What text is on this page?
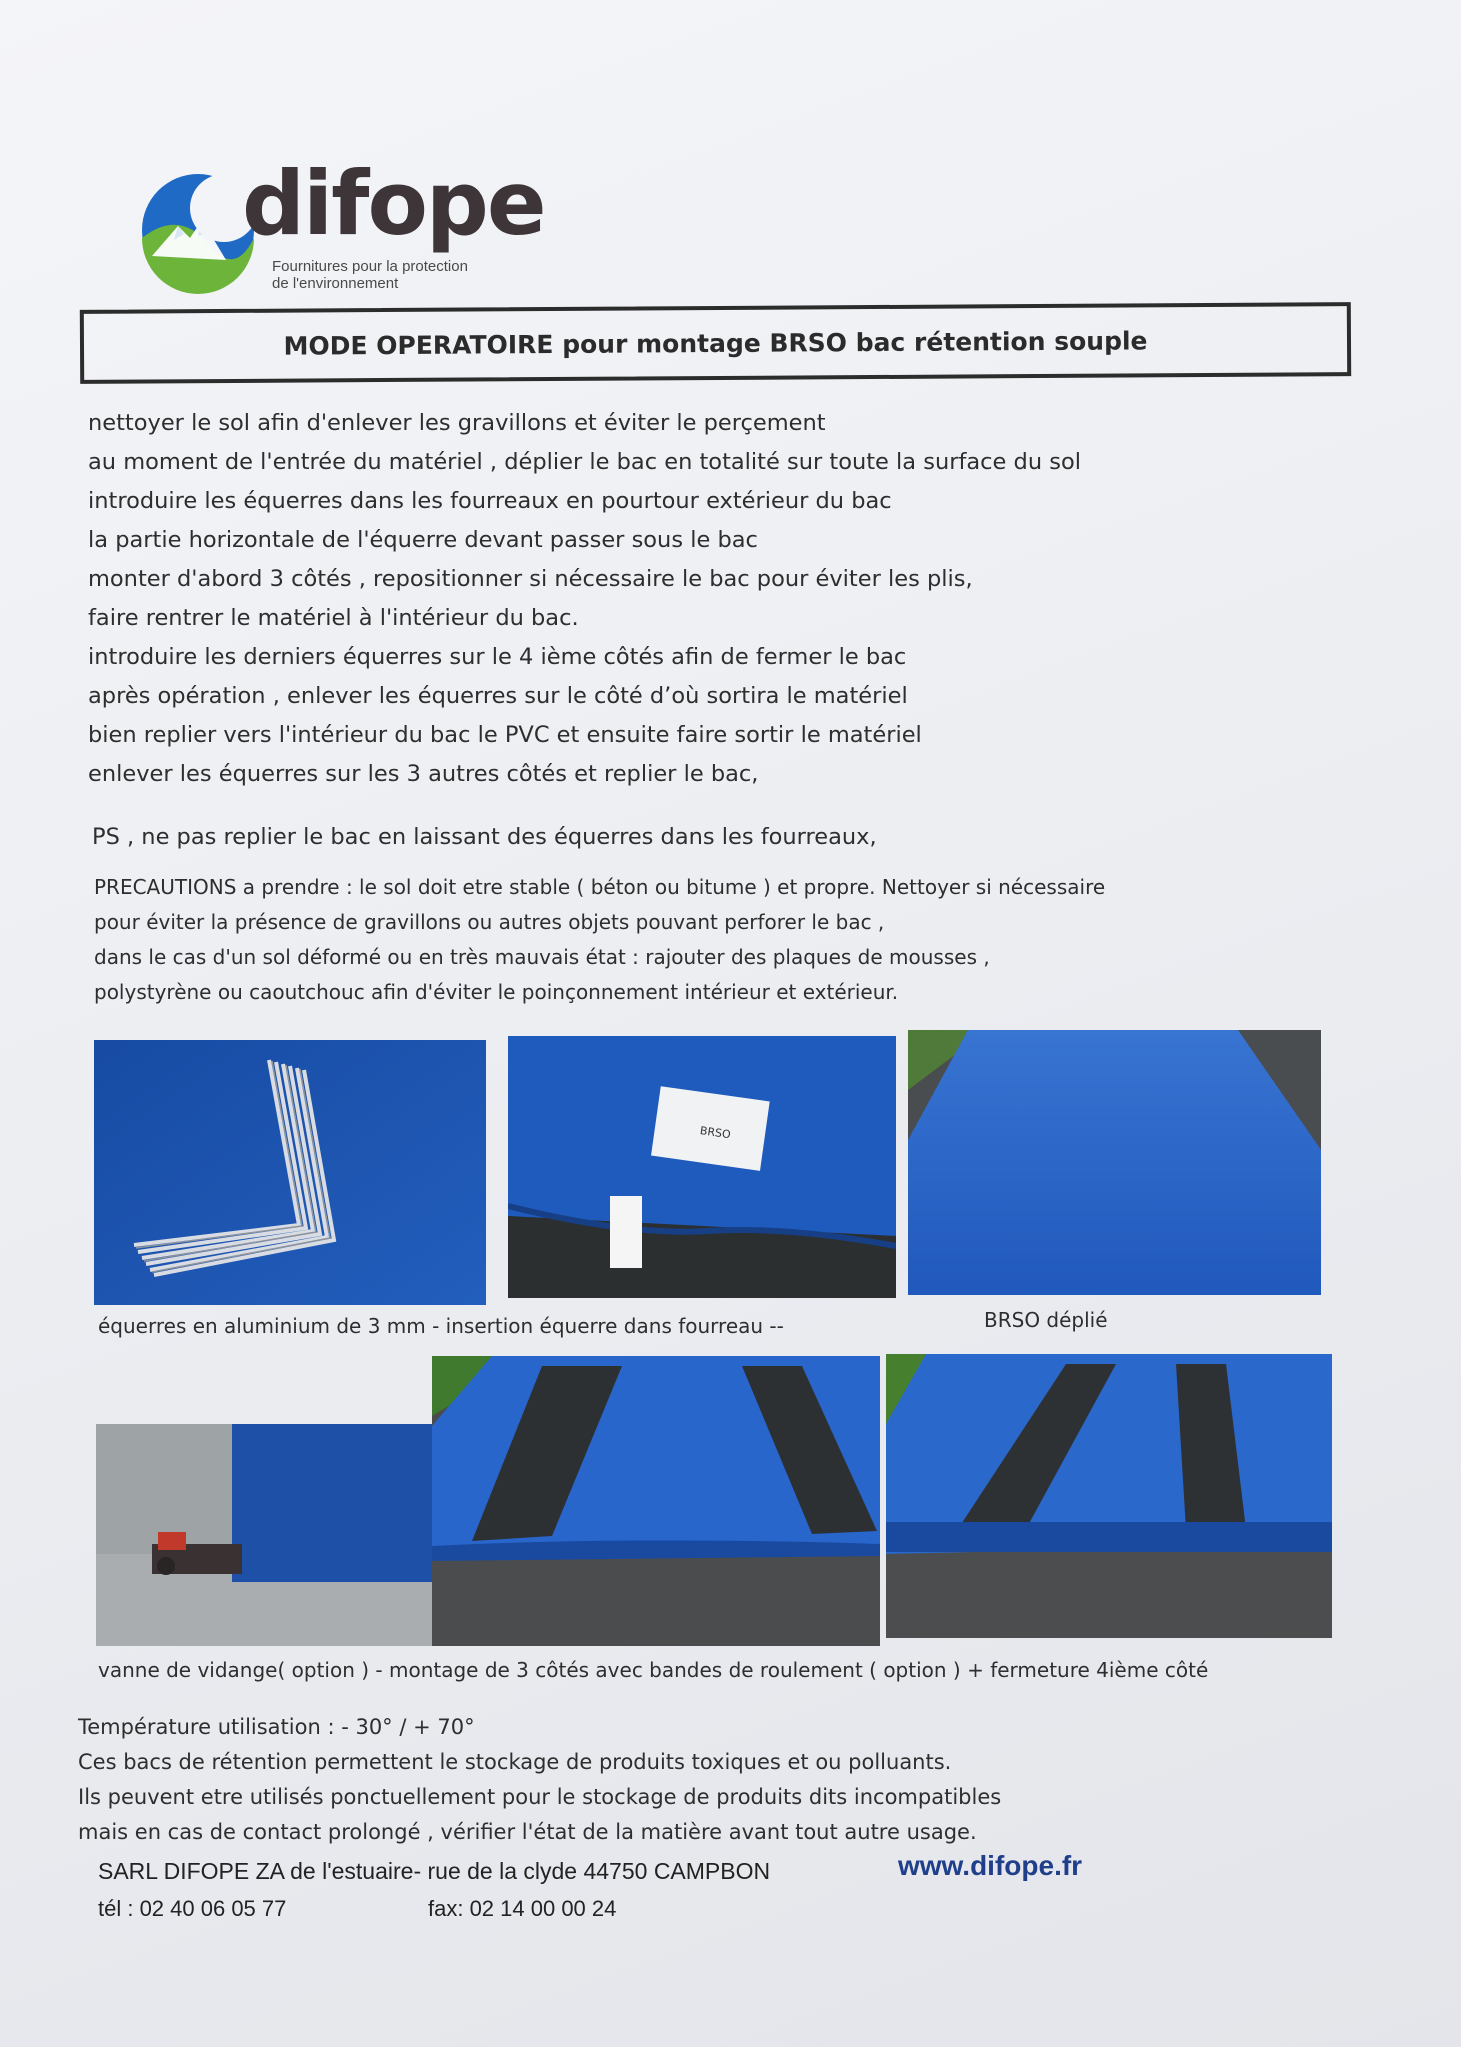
difope
Fournitures pour la protection
de l'environnement
MODE OPERATOIRE pour montage BRSO bac rétention souple
nettoyer le sol afin d'enlever les gravillons et éviter le perçement
au moment de l'entrée du matériel , déplier le bac en totalité sur toute la surface du sol
introduire les équerres dans les fourreaux en pourtour extérieur du bac
la partie horizontale de l'équerre devant passer sous le bac
monter d'abord 3 côtés , repositionner si nécessaire le bac pour éviter les plis,
faire rentrer le matériel à l'intérieur du bac.
introduire les derniers équerres sur le 4 ième côtés afin de fermer le bac
après opération , enlever les équerres sur le côté d’où sortira le matériel
bien replier vers l'intérieur du bac le PVC et ensuite faire sortir le matériel
enlever les équerres sur les 3 autres côtés et replier le bac,
PS , ne pas replier le bac en laissant des équerres dans les fourreaux,
PRECAUTIONS a prendre : le sol doit etre stable ( béton ou bitume ) et propre. Nettoyer si nécessaire
pour éviter la présence de gravillons ou autres objets pouvant perforer le bac ,
dans le cas d'un sol déformé ou en très mauvais état : rajouter des plaques de mousses ,
polystyrène ou caoutchouc afin d'éviter le poinçonnement intérieur et extérieur.
BRSO
équerres en aluminium de 3 mm - insertion équerre dans fourreau --	BRSO déplié
vanne de vidange( option ) - montage de 3 côtés avec bandes de roulement ( option ) + fermeture 4ième côté
Température utilisation : - 30° / + 70°
Ces bacs de rétention permettent le stockage de produits toxiques et ou polluants.
Ils peuvent etre utilisés ponctuellement pour le stockage de produits dits incompatibles
mais en cas de contact prolongé , vérifier l'état de la matière avant tout autre usage.
SARL DIFOPE ZA de l'estuaire- rue de la clyde 44750 CAMPBON	www.difope.fr
tél : 02 40 06 05 77	fax: 02 14 00 00 24
